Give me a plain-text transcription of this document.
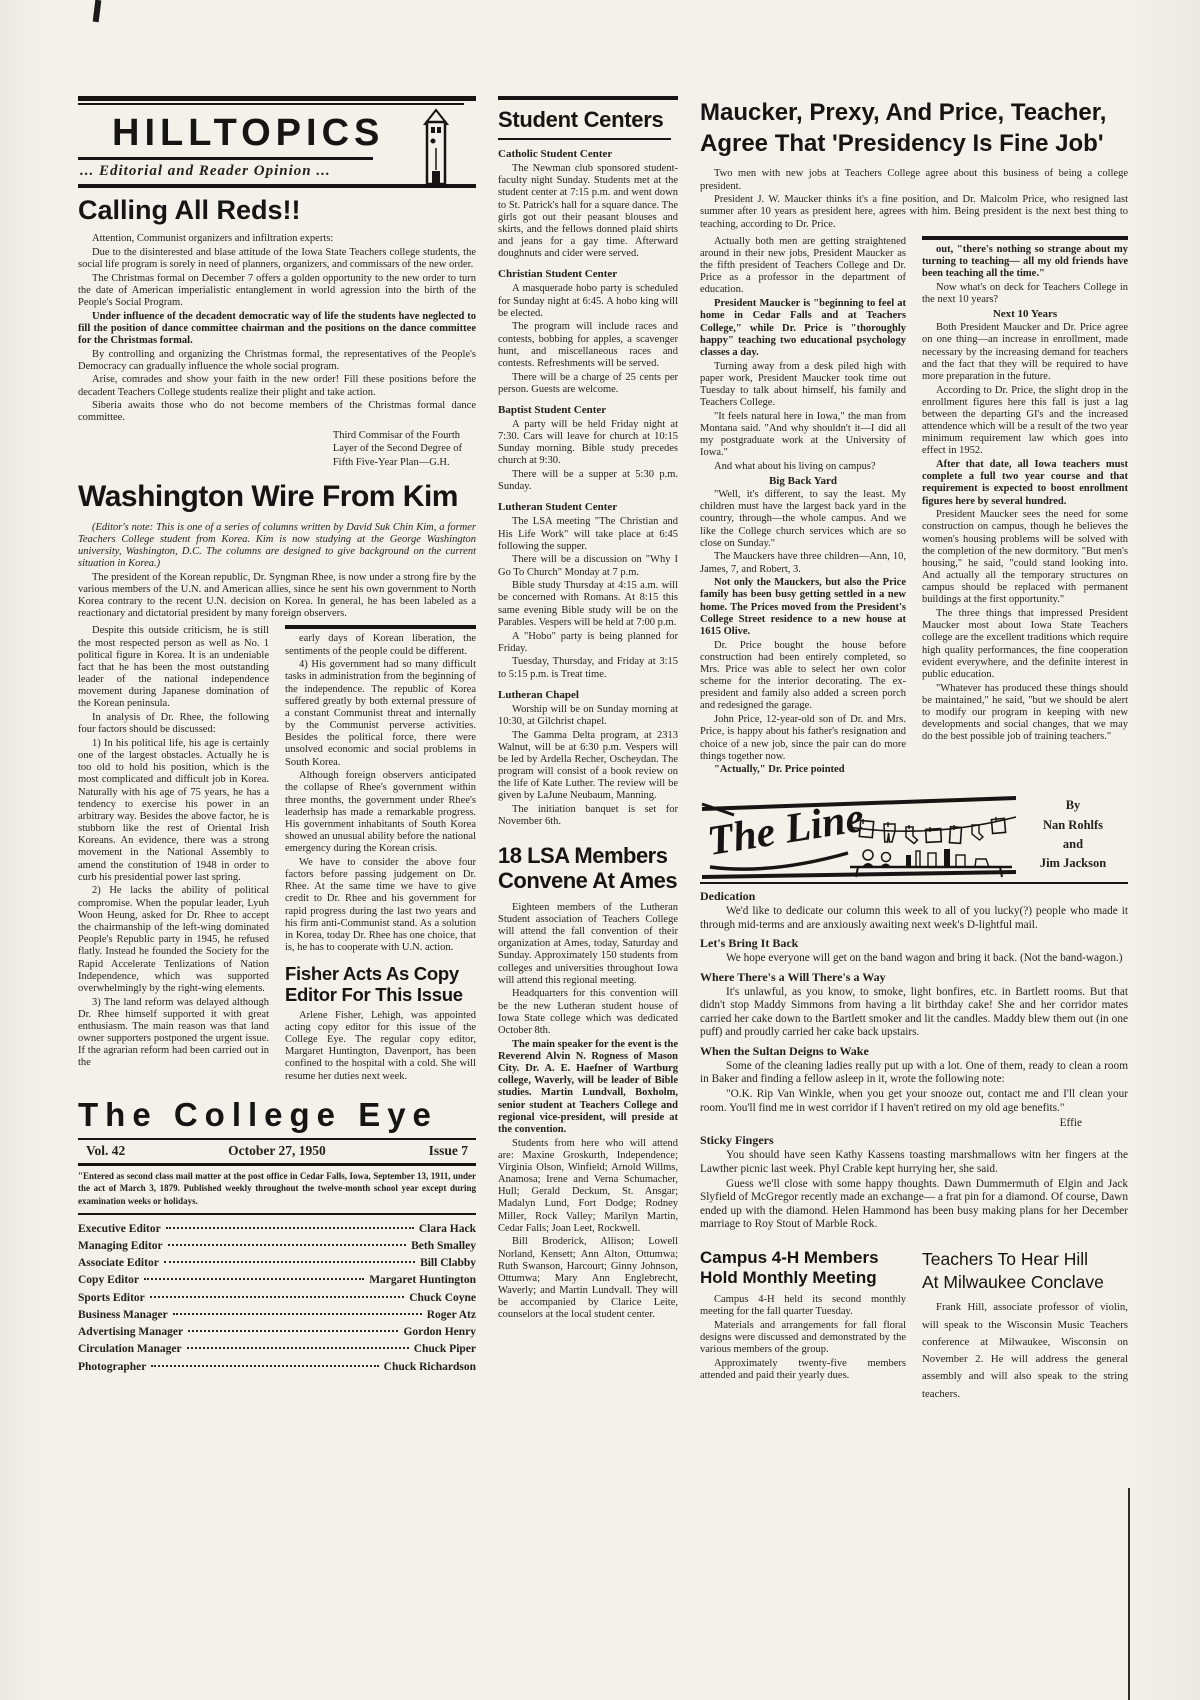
HILLTOPICS
... Editorial and Reader Opinion ...
Calling All Reds!!

Attention, Communist organizers and infiltration experts:

Due to the disinterested and blase attitude of the Iowa State Teachers college students, the social life program is sorely in need of planners, organizers, and commissars of the new order.

The Christmas formal on December 7 offers a golden opportunity to the new order to turn the date of American imperialistic entanglement in world agression into the birth of the People's Social Program.

Under influence of the decadent democratic way of life the students have neglected to fill the position of dance committee chairman and the positions on the dance committee for the Christmas formal.

By controlling and organizing the Christmas formal, the representatives of the People's Democracy can gradually influence the whole social program.

Arise, comrades and show your faith in the new order! Fill these positions before the decadent Teachers College students realize their plight and take action.

Siberia awaits those who do not become members of the Christmas formal dance committee.

Third Commisar of the Fourth
Layer of the Second Degree of
Fifth Five-Year Plan—G.H.
Washington Wire From Kim

(Editor's note: This is one of a series of columns written by David Suk Chin Kim, a former Teachers College student from Korea. Kim is now studying at the George Washington university, Washington, D.C. The columns are designed to give background on the current situation in Korea.)

The president of the Korean republic, Dr. Syngman Rhee, is now under a strong fire by the various members of the U.N. and American allies, since he sent his own government to North Korea contrary to the recent U.N. decision on Korea. In general, he has been labeled as a reactionary and dictatorial president by many foreign observers.

Despite this outside criticism, he is still the most respected person as well as No. 1 political figure in Korea. It is an undeniable fact that he has been the most outstanding leader of the national independence movement during Japanese domination of the Korean peninsula.

In analysis of Dr. Rhee, the following four factors should be discussed:

1) In his political life, his age is certainly one of the largest obstacles. Actually he is too old to hold his position, which is the most complicated and difficult job in Korea. Naturally with his age of 75 years, he has a tendency to exercise his power in an arbitrary way. Besides the above factor, he is stubborn like the rest of Oriental Irish Koreans. An evidence, there was a strong movement in the National Assembly to amend the constitution of 1948 in order to curb his presidential power last spring.

2) He lacks the ability of political compromise. When the popular leader, Lyuh Woon Heung, asked for Dr. Rhee to accept the chairmanship of the left-wing dominated People's Republic party in 1945, he refused flatly. Instead he founded the Society for the Rapid Accelerate Tenlizations of Nation Independence, which was supported overwhelmingly by the right-wing elements.

3) The land reform was delayed although Dr. Rhee himself supported it with great enthusiasm. The main reason was that land owner supporters postponed the urgent issue. If the agrarian reform had been carried out in the

early days of Korean liberation, the sentiments of the people could be different.

4) His government had so many difficult tasks in administration from the beginning of the independence. The republic of Korea suffered greatly by both external pressure of a constant Communist threat and internally by the Communist perverse activities. Besides the political force, there were unsolved economic and social problems in South Korea.

Although foreign observers anticipated the collapse of Rhee's government within three months, the government under Rhee's leaderhsip has made a remarkable progress. His government inhabitants of South Korea showed an unusual ability before the national emergency during the Korean crisis.

We have to consider the above four factors before passing judgement on Dr. Rhee. At the same time we have to give credit to Dr. Rhee and his government for rapid progress during the last two years and his firm anti-Communist stand. As a solution in Korea, today Dr. Rhee has one choice, that is, he has to cooperate with U.N. action.

Fisher Acts As Copy Editor For This Issue

Arlene Fisher, Lehigh, was appointed acting copy editor for this issue of the College Eye. The regular copy editor, Margaret Huntington, Davenport, has been confined to the hospital with a cold. She will resume her duties next week.

The College Eye
Vol. 42	October 27, 1950	Issue 7

"Entered as second class mail matter at the post office in Cedar Falls, Iowa, September 13, 1911, under the act of March 3, 1879. Published weekly throughout the twelve-month school year except during examination weeks or holidays.

Executive Editor	Clara Hack
Managing Editor	Beth Smalley
Associate Editor	Bill Clabby
Copy Editor	Margaret Huntington
Sports Editor	Chuck Coyne
Business Manager	Roger Atz
Advertising Manager	Gordon Henry
Circulation Manager	Chuck Piper
Photographer	Chuck Richardson
Student Centers
Catholic Student Center

The Newman club sponsored student-faculty night Sunday. Students met at the student center at 7:15 p.m. and went down to St. Patrick's hall for a square dance. The girls got out their peasant blouses and skirts, and the fellows donned plaid shirts and jeans for a gay time. Afterward doughnuts and cider were served.

Christian Student Center

A masquerade hobo party is scheduled for Sunday night at 6:45. A hobo king will be elected.

The program will include races and contests, bobbing for apples, a scavenger hunt, and miscellaneous races and contests. Refreshments will be served.

There will be a charge of 25 cents per person. Guests are welcome.

Baptist Student Center

A party will be held Friday night at 7:30. Cars will leave for church at 10:15 Sunday morning. Bible study precedes church at 9:30.

There will be a supper at 5:30 p.m. Sunday.

Lutheran Student Center

The LSA meeting "The Christian and His Life Work" will take place at 6:45 following the supper.

There will be a discussion on "Why I Go To Church" Monday at 7 p.m.

Bible study Thursday at 4:15 a.m. will be concerned with Romans. At 8:15 this same evening Bible study will be on the Parables. Vespers will be held at 7:00 p.m.

A "Hobo" party is being planned for Friday.

Tuesday, Thursday, and Friday at 3:15 to 5:15 p.m. is Treat time.

Lutheran Chapel

Worship will be on Sunday morning at 10:30, at Gilchrist chapel.

The Gamma Delta program, at 2313 Walnut, will be at 6:30 p.m. Vespers will be led by Ardella Recher, Oscheydan. The program will consist of a book review on the life of Kate Luther. The review will be given by LaJune Neubaum, Manning.

The initiation banquet is set for November 6th.

18 LSA Members
Convene At Ames

Eighteen members of the Lutheran Student association of Teachers College will attend the fall convention of their organization at Ames, today, Saturday and Sunday. Approximately 150 students from colleges and universities throughout Iowa will attend this regional meeting.

Headquarters for this convention will be the new Lutheran student house of Iowa State college which was dedicated October 8th.

The main speaker for the event is the Reverend Alvin N. Rogness of Mason City. Dr. A. E. Haefner of Wartburg college, Waverly, will be leader of Bible studies. Martin Lundvall, Boxholm, senior student at Teachers College and regional vice-president, will preside at the convention.

Students from here who will attend are: Maxine Groskurth, Independence; Virginia Olson, Winfield; Arnold Willms, Anamosa; Irene and Verna Schumacher, Hull; Gerald Deckum, St. Ansgar; Madalyn Lund, Fort Dodge; Rodney Miller, Rock Valley; Marilyn Martin, Cedar Falls; Joan Leet, Rockwell.

Bill Broderick, Allison; Lowell Norland, Kensett; Ann Alton, Ottumwa; Ruth Swanson, Harcourt; Ginny Johnson, Ottumwa; Mary Ann Englebrecht, Waverly; and Martin Lundvall. They will be accompanied by Clarice Leite, counselors at the local student center.

Maucker, Prexy, And Price, Teacher,
Agree That 'Presidency Is Fine Job'

Two men with new jobs at Teachers College agree about this business of being a college president.

President J. W. Maucker thinks it's a fine position, and Dr. Malcolm Price, who resigned last summer after 10 years as president here, agrees with him. Being president is the next best thing to teaching, according to Dr. Price.

Actually both men are getting straightened around in their new jobs, President Maucker as the fifth president of Teachers College and Dr. Price as a professor in the department of education.

President Maucker is "beginning to feel at home in Cedar Falls and at Teachers College," while Dr. Price is "thoroughly happy" teaching two educational psychology classes a day.

Turning away from a desk piled high with paper work, President Maucker took time out Tuesday to talk about himself, his family and Teachers College.

"It feels natural here in Iowa," the man from Montana said. "And why shouldn't it—I did all my postgraduate work at the University of Iowa."

And what about his living on campus?

Big Back Yard

"Well, it's different, to say the least. My children must have the largest back yard in the country, through—the whole campus. And we like the College church services which are so close on Sunday."

The Mauckers have three children—Ann, 10, James, 7, and Robert, 3.

Not only the Mauckers, but also the Price family has been busy getting settled in a new home. The Prices moved from the President's College Street residence to a new house at 1615 Olive.

Dr. Price bought the house before construction had been entirely completed, so Mrs. Price was able to select her own color scheme for the interior decorating. The ex-president and family also added a screen porch and redesigned the garage.

John Price, 12-year-old son of Dr. and Mrs. Price, is happy about his father's resignation and choice of a new job, since the pair can do more things together now.

"Actually," Dr. Price pointed

out, "there's nothing so strange about my turning to teaching— all my old friends have been teaching all the time."

Now what's on deck for Teachers College in the next 10 years?

Next 10 Years

Both President Maucker and Dr. Price agree on one thing—an increase in enrollment, made necessary by the increasing demand for teachers and the fact that they will be required to have more preparation in the future.

According to Dr. Price, the slight drop in the enrollment figures here this fall is just a lag between the departing GI's and the increased attendence which will be a result of the two year minimum requirement law which goes into effect in 1952.

After that date, all Iowa teachers must complete a full two year course and that requirement is expected to boost enrollment figures here by several hundred.

President Maucker sees the need for some construction on campus, though he believes the women's housing problems will be solved with the completion of the new dormitory. "But men's housing," he said, "could stand looking into. And actually all the temporary structures on campus should be replaced with permanent buildings at the first opportunity."

The three things that impressed President Maucker most about Iowa State Teachers college are the excellent traditions which require high quality performances, the fine cooperation evident everywhere, and the definite interest in public education.

"Whatever has produced these things should be maintained," he said, "but we should be alert to modify our program in keeping with new developments and social changes, that we may do the best possible job of training teachers."

The Line	By
Nan Rohlfs
and
Jim Jackson
Dedication

We'd like to dedicate our column this week to all of you lucky(?) people who made it through mid-terms and are anxiously awaiting next week's D-lightful mail.

Let's Bring It Back

We hope everyone will get on the band wagon and bring it back. (Not the band-wagon.)

Where There's a Will There's a Way

It's unlawful, as you know, to smoke, light bonfires, etc. in Bartlett rooms. But that didn't stop Maddy Simmons from having a lit birthday cake! She and her corridor mates carried her cake down to the Bartlett smoker and lit the candles. Maddy blew them out (in one puff) and proudly carried her cake back upstairs.

When the Sultan Deigns to Wake

Some of the cleaning ladies really put up with a lot. One of them, ready to clean a room in Baker and finding a fellow asleep in it, wrote the following note:

"O.K. Rip Van Winkle, when you get your snooze out, contact me and I'll clean your room. You'll find me in west corridor if I haven't retired on my old age benefits."

Effie

Sticky Fingers

You should have seen Kathy Kassens toasting marshmallows witn her fingers at the Lawther picnic last week. Phyl Crable kept hurrying her, she said.

Guess we'll close with some happy thoughts. Dawn Dummermuth of Elgin and Jack Slyfield of McGregor recently made an exchange— a frat pin for a diamond. Of course, Dawn ended up with the diamond. Helen Hammond has been busy making plans for her December marriage to Roy Stout of Marble Rock.

Campus 4-H Members
Hold Monthly Meeting

Campus 4-H held its second monthly meeting for the fall quarter Tuesday.

Materials and arrangements for fall floral designs were discussed and demonstrated by the various members of the group.

Approximately twenty-five members attended and paid their yearly dues.

Teachers To Hear Hill
At Milwaukee Conclave

Frank Hill, associate professor of violin, will speak to the Wisconsin Music Teachers conference at Milwaukee, Wisconsin on November 2. He will address the general assembly and will also speak to the string teachers.
